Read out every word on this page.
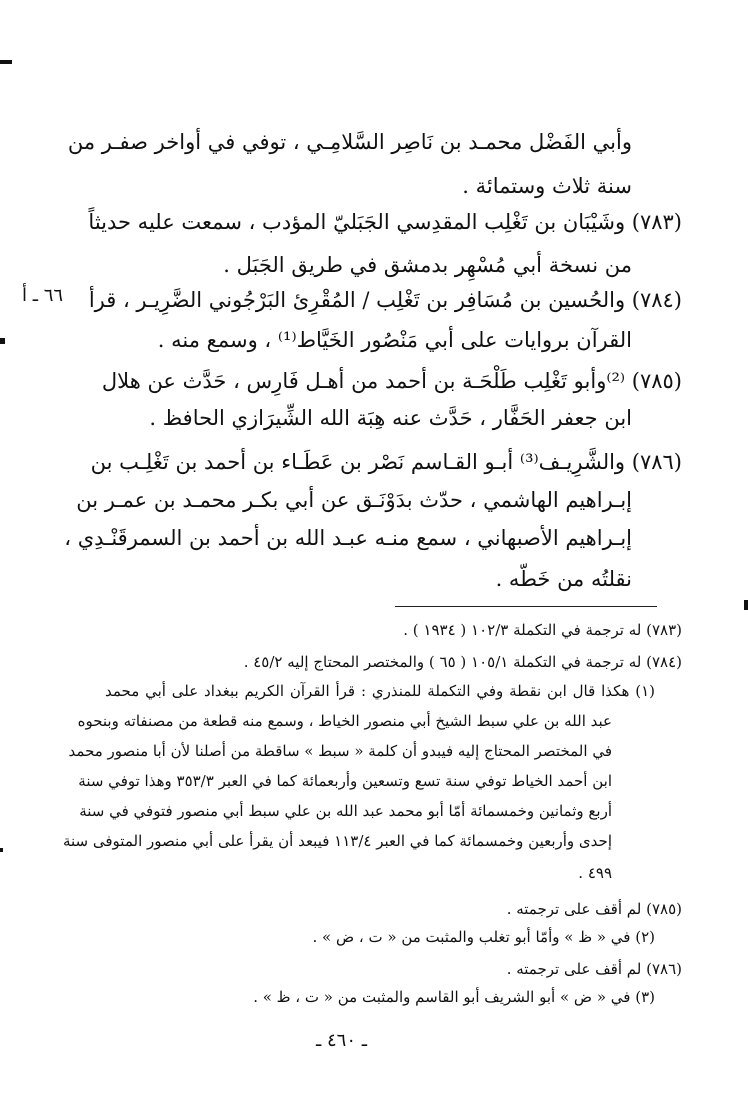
وأبي الفَضْل محمـد بن نَاصِر السَّلامِـي ، توفي في أواخر صفـر من
سنة ثلاث وستمائة .
(٧٨٣) وشَيْبَان بن تَغْلِب المقدِسي الجَبَليّ المؤدب ، سمعت عليه حديثاً
من نسخة أبي مُسْهِر بدمشق في طريق الجَبَل .
(٧٨٤) والحُسين بن مُسَافِر بن تَغْلِب / المُقْرِئ البَرْجُوني الضَّرِيـر ، قرأ
القرآن بروايات على أبي مَنْصُور الخَيَّاط⁽¹⁾ ، وسمع منه .
(٧٨٥) ⁽²⁾وأبو تَغْلِب طَلْحَـة بن أحمد من أهـل فَارِس ، حَدَّث عن هلال
ابن جعفر الحَفَّار ، حَدَّث عنه هِبَة الله الشِّيرَازي الحافظ .
(٧٨٦) والشَّرِيـف⁽³⁾ أبـو القـاسم نَصْر بن عَطَـاء بن أحمد بن تَغْلِـب بن
إبـراهيم الهاشمي ، حدّث بدَوْنَـق عن أبي بكـر محمـد بن عمـر بن
إبـراهيم الأصبهاني ، سمع منـه عبـد الله بن أحمد بن السمرقَنْـدِي ،
نقلتُه من خَطّه .
٦٦ ـ أ
(٧٨٣) له ترجمة في التكملة ١٠٢/٣ ( ١٩٣٤ ) .
(٧٨٤) له ترجمة في التكملة ١٠٥/١ ( ٦٥ ) والمختصر المحتاج إليه ٤٥/٢ .
(١) هكذا قال ابن نقطة وفي التكملة للمنذري : قرأ القرآن الكريم ببغداد على أبي محمد
عبد الله بن علي سبط الشيخ أبي منصور الخياط ، وسمع منه قطعة من مصنفاته وبنحوه
في المختصر المحتاج إليه فيبدو أن كلمة « سبط » ساقطة من أصلنا لأن أبا منصور محمد
ابن أحمد الخياط توفي سنة تسع وتسعين وأربعمائة كما في العبر ٣٥٣/٣ وهذا توفي سنة
أربع وثمانين وخمسمائة أمّا أبو محمد عبد الله بن علي سبط أبي منصور فتوفي في سنة
إحدى وأربعين وخمسمائة كما في العبر ١١٣/٤ فيبعد أن يقرأ على أبي منصور المتوفى سنة
٤٩٩ .
(٧٨٥) لم أقف على ترجمته .
(٢) في « ظ » وأمّا أبو تغلب والمثبت من « ت ، ض » .
(٧٨٦) لم أقف على ترجمته .
(٣) في « ض » أبو الشريف أبو القاسم والمثبت من « ت ، ظ » .
ـ ٤٦٠ ـ
